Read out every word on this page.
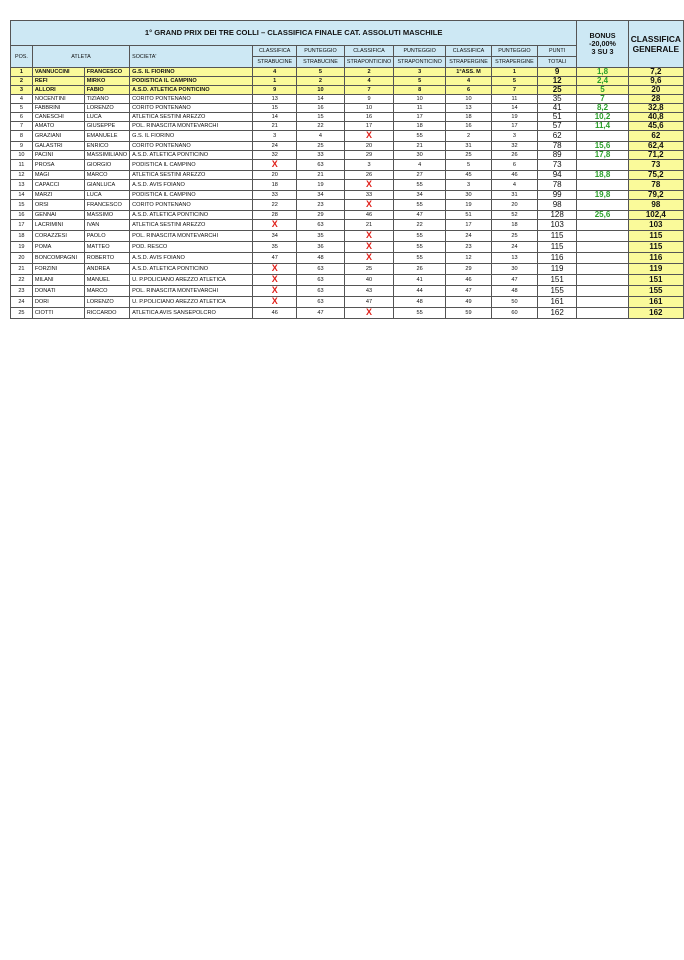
1° GRAND PRIX DEI TRE COLLI – CLASSIFICA FINALE CAT. ASSOLUTI MASCHILE											BONUS
-20,00%
3 SU 3	CLASSIFICA
GENERALE
POS.	ATLETA		SOCIETA'	CLASSIFICA	PUNTEGGIO	CLASSIFICA	PUNTEGGIO	CLASSIFICA	PUNTEGGIO	PUNTI		
				STRABUCINE	STRABUCINE	STRAPONTICINO	STRAPONTICINO	STRAPERGINE	STRAPERGINE	TOTALI		
1	VANNUCCINI	FRANCESCO	G.S. IL FIORINO	4	5	2	3	1°ASS. M	1	9	1,8	7,2
2	REFI	MIRKO	PODISTICA IL CAMPINO	1	2	4	5	4	5	12	2,4	9,6
3	ALLORI	FABIO	A.S.D. ATLETICA PONTICINO	9	10	7	8	6	7	25	5	20
4	NOCENTINI	TIZIANO	CORITO PONTENANO	13	14	9	10	10	11	35	7	28
5	FABBRINI	LORENZO	CORITO PONTENANO	15	16	10	11	13	14	41	8,2	32,8
6	CANESCHI	LUCA	ATLETICA SESTINI AREZZO	14	15	16	17	18	19	51	10,2	40,8
7	AMATO	GIUSEPPE	POL. RINASCITA MONTEVARCHI	21	22	17	18	16	17	57	11,4	45,6
8	GRAZIANI	EMANUELE	G.S. IL FIORINO	3	4	X	55	2	3	62		62
9	GALASTRI	ENRICO	CORITO PONTENANO	24	25	20	21	31	32	78	15,6	62,4
10	PACINI	MASSIMILIANO	A.S.D. ATLETICA PONTICINO	32	33	29	30	25	26	89	17,8	71,2
11	PROSA	GIORGIO	PODISTICA IL CAMPINO	X	63	3	4	5	6	73		73
12	MAGI	MARCO	ATLETICA SESTINI AREZZO	20	21	26	27	45	46	94	18,8	75,2
13	CAPACCI	GIANLUCA	A.S.D. AVIS FOIANO	18	19	X	55	3	4	78		78
14	MARZI	LUCA	PODISTICA IL CAMPINO	33	34	33	34	30	31	99	19,8	79,2
15	ORSI	FRANCESCO	CORITO PONTENANO	22	23	X	55	19	20	98		98
16	GENNAI	MASSIMO	A.S.D. ATLETICA PONTICINO	28	29	46	47	51	52	128	25,6	102,4
17	LACRIMINI	IVAN	ATLETICA SESTINI AREZZO	X	63	21	22	17	18	103		103
18	CORAZZESI	PAOLO	POL. RINASCITA MONTEVARCHI	34	35	X	55	24	25	115		115
19	POMA	MATTEO	POD. RESCO	35	36	X	55	23	24	115		115
20	BONCOMPAGNI	ROBERTO	A.S.D. AVIS FOIANO	47	48	X	55	12	13	116		116
21	FORZINI	ANDREA	A.S.D. ATLETICA PONTICINO	X	63	25	26	29	30	119		119
22	MILANI	MANUEL	U. P.POLICIANO AREZZO ATLETICA	X	63	40	41	46	47	151		151
23	DONATI	MARCO	POL. RINASCITA MONTEVARCHI	X	63	43	44	47	48	155		155
24	DORI	LORENZO	U. P.POLICIANO AREZZO ATLETICA	X	63	47	48	49	50	161		161
25	CIOTTI	RICCARDO	ATLETICA AVIS SANSEPOLCRO	46	47	X	55	59	60	162		162
